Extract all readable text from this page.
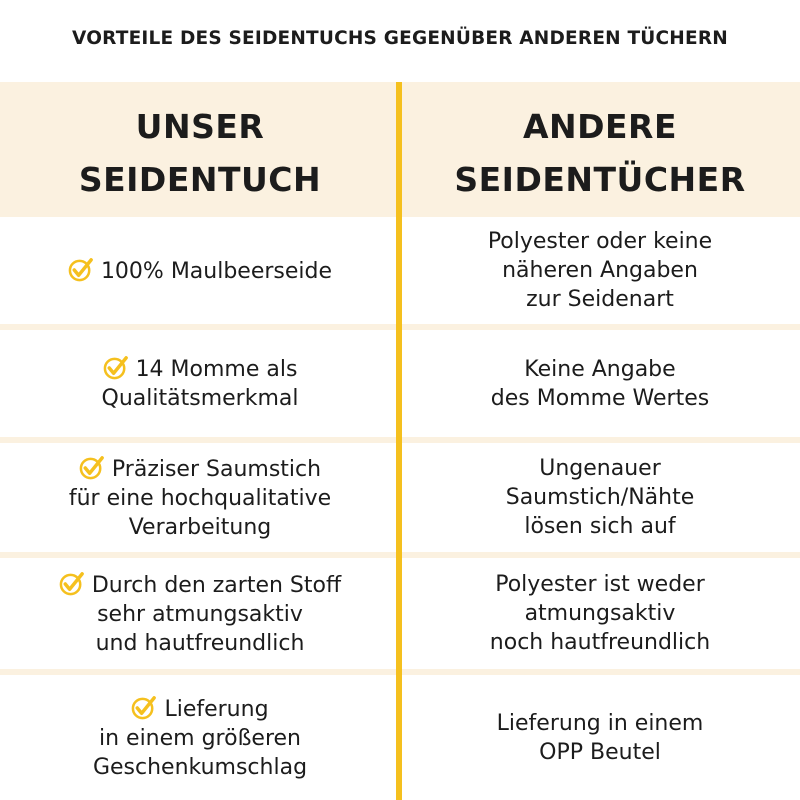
VORTEILE DES SEIDENTUCHS GEGENÜBER ANDEREN TÜCHERN
UNSER
SEIDENTUCH
ANDERE
SEIDENTÜCHER
100% Maulbeerseide
Polyester oder keine
näheren Angaben
zur Seidenart
14 Momme als
Qualitätsmerkmal
Keine Angabe
des Momme Wertes
Präziser Saumstich
für eine hochqualitative
Verarbeitung
Ungenauer
Saumstich/Nähte
lösen sich auf
Durch den zarten Stoff
sehr atmungsaktiv
und hautfreundlich
Polyester ist weder
atmungsaktiv
noch hautfreundlich
Lieferung
in einem größeren
Geschenkumschlag
Lieferung in einem
OPP Beutel
